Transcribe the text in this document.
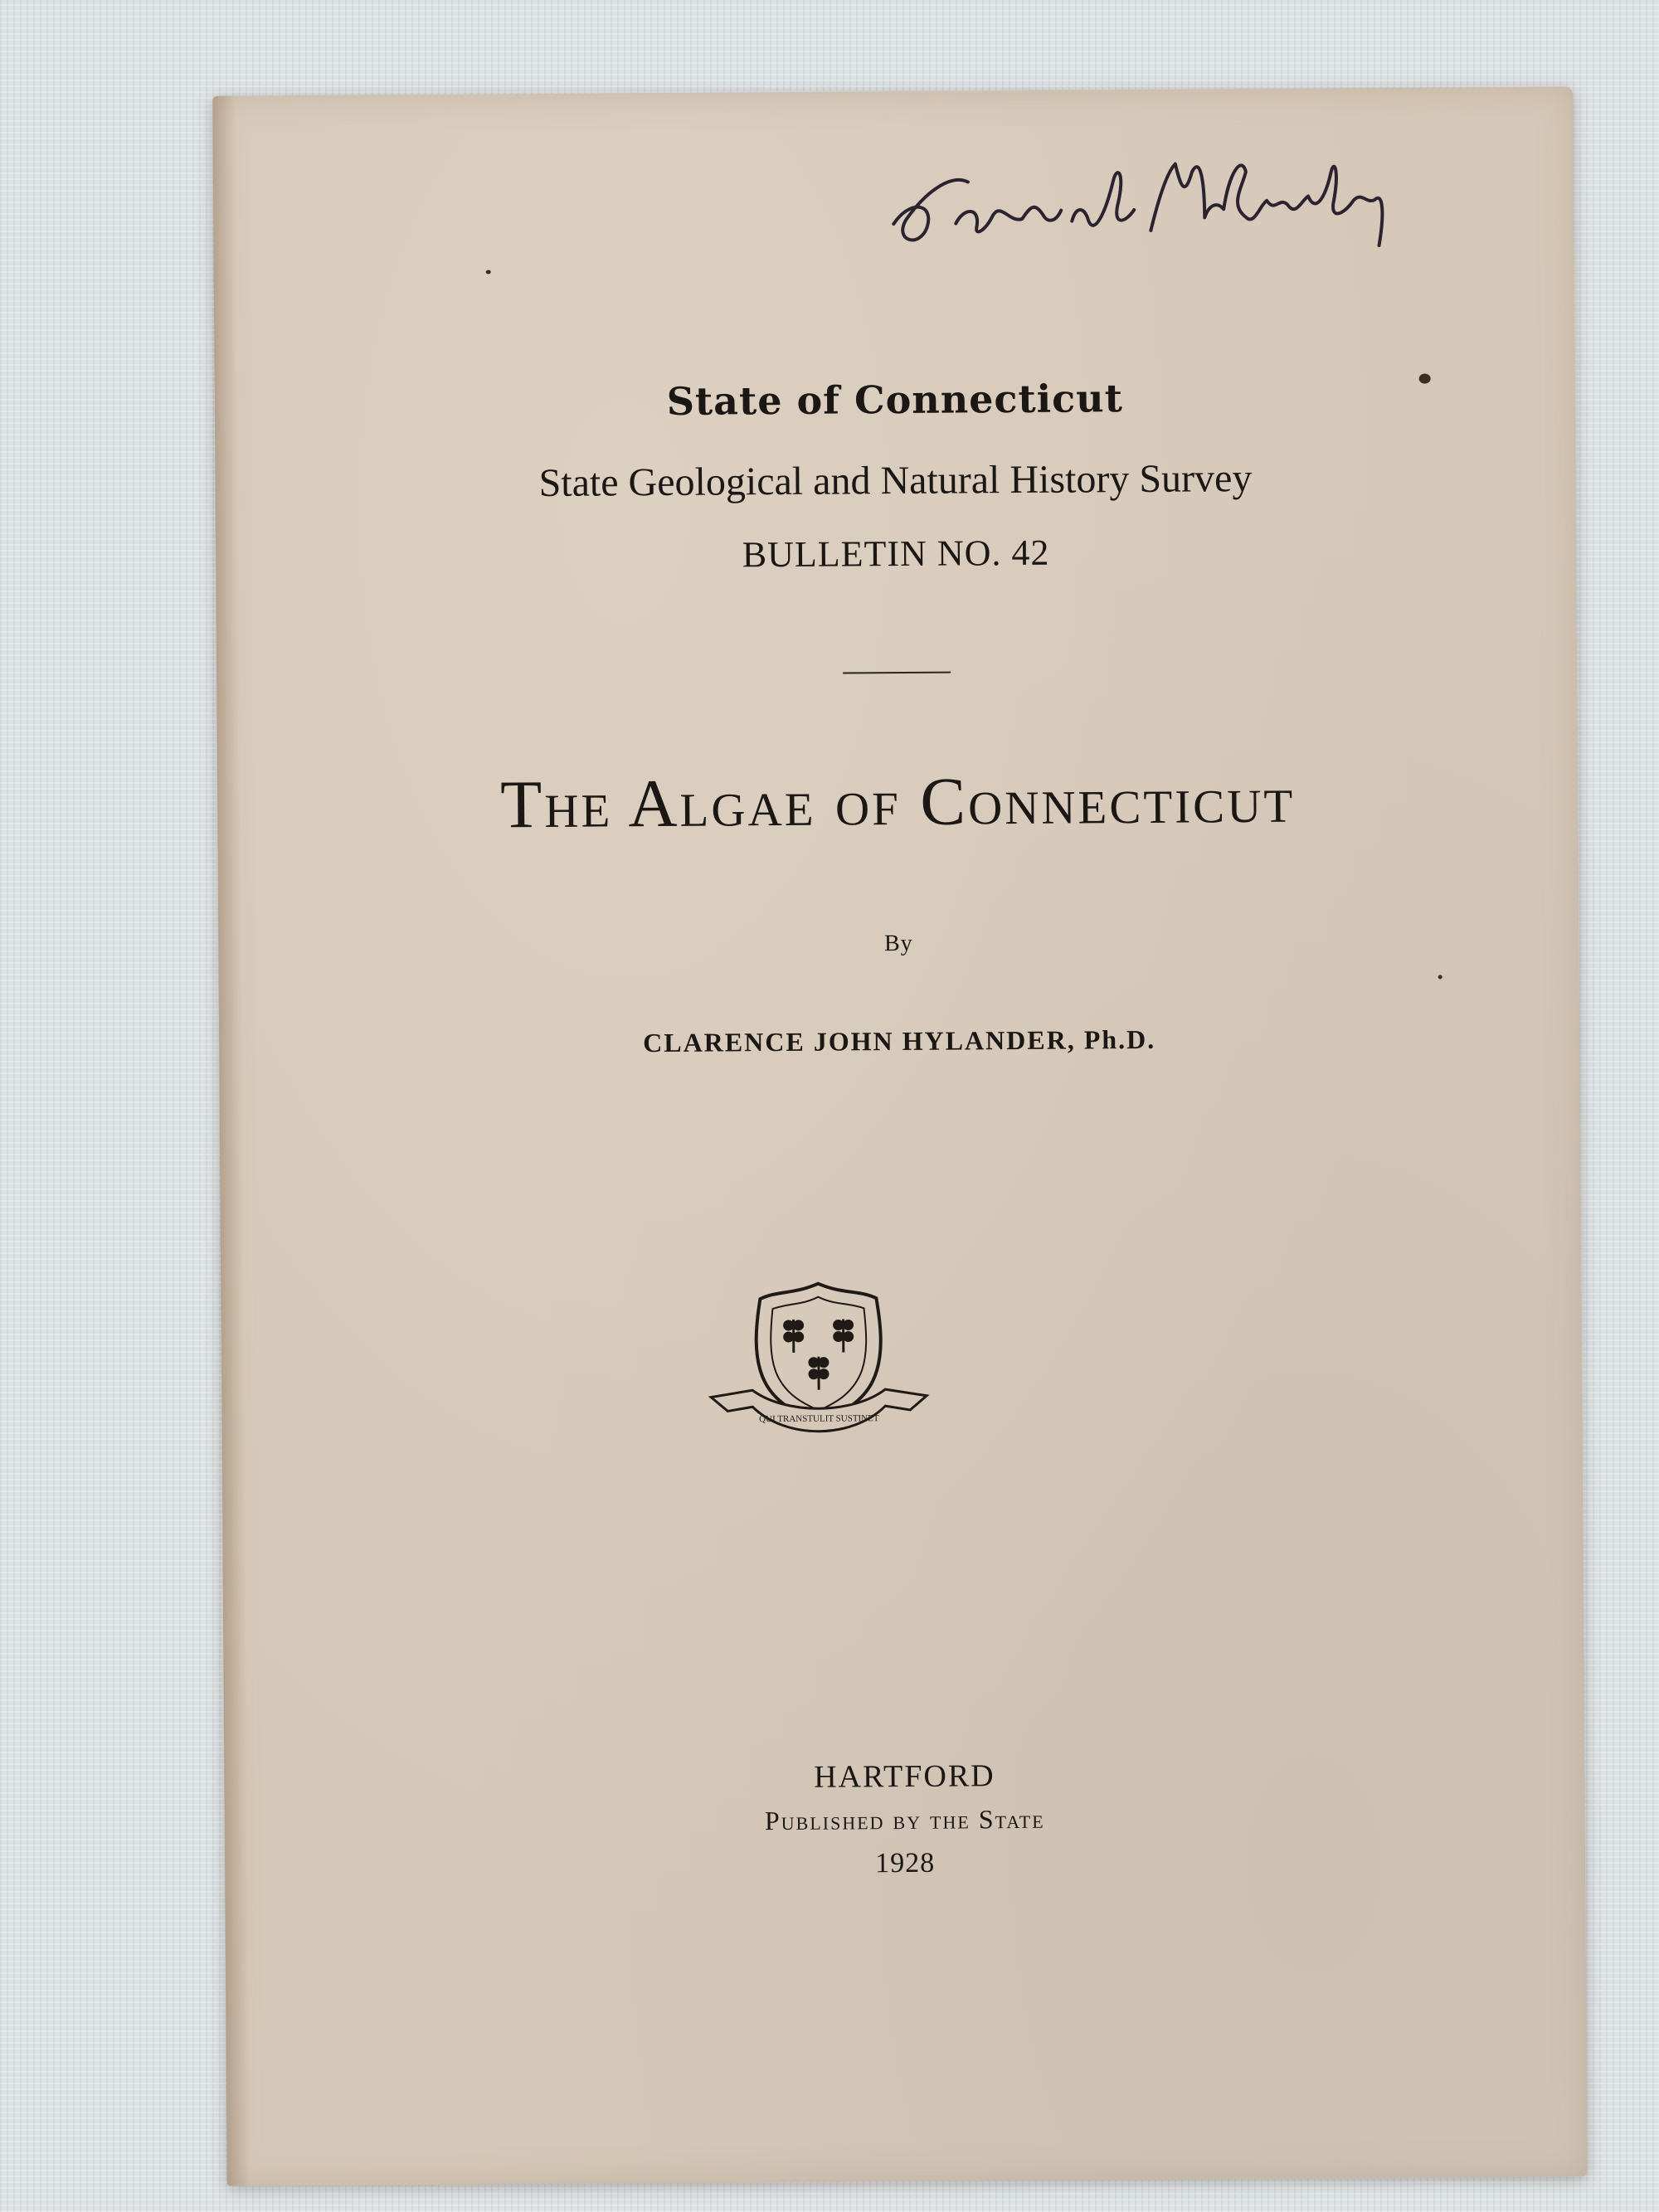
State of Connecticut
State Geological and Natural History Survey
BULLETIN NO. 42
The Algae of Connecticut
By
CLARENCE JOHN HYLANDER, Ph.D.
QUI TRANSTULIT SUSTINET
HARTFORD
Published by the State
1928
